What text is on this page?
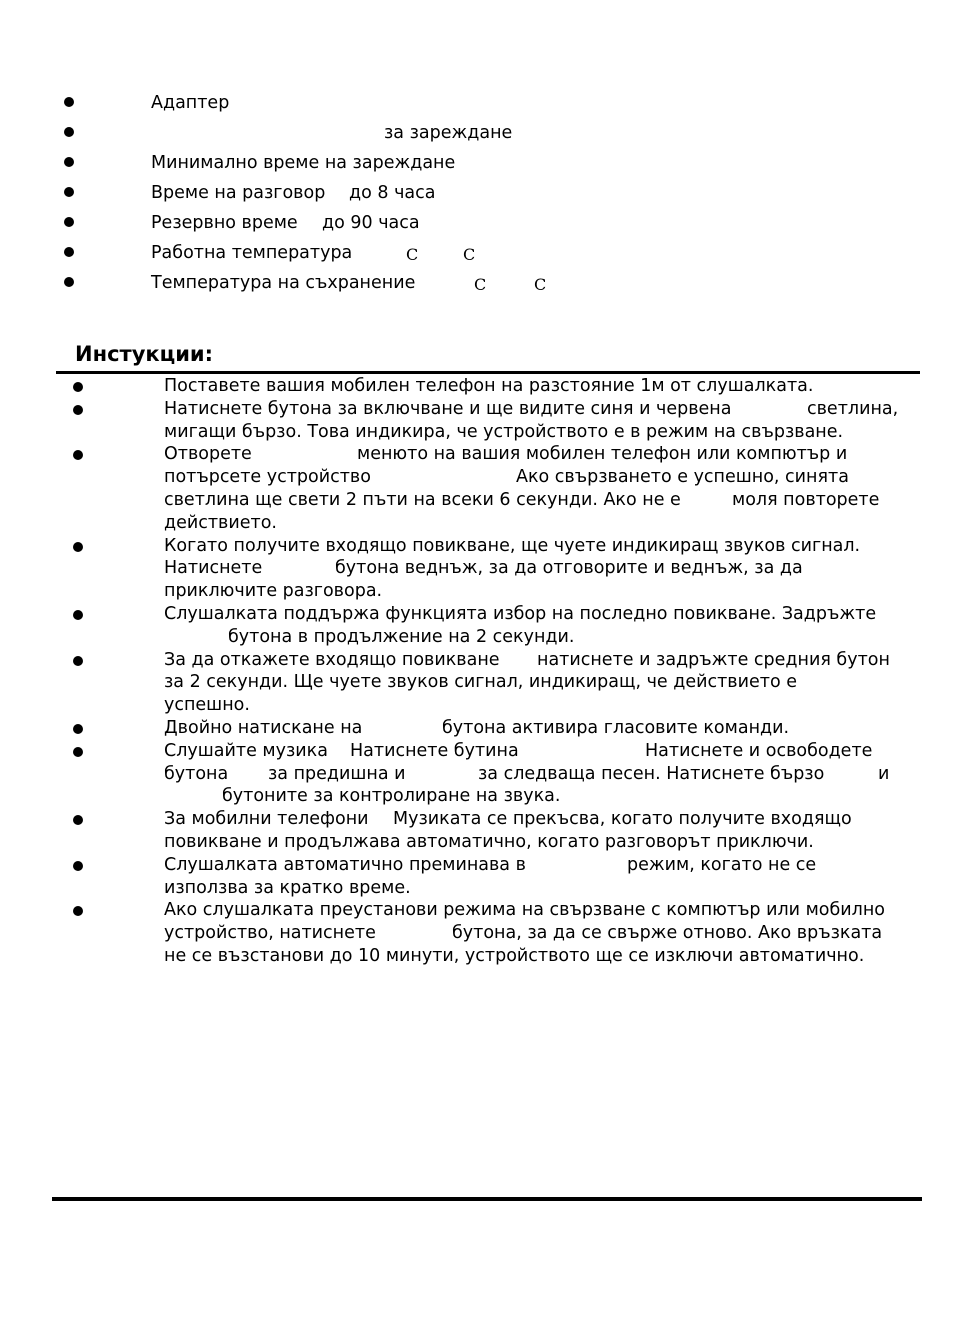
Адаптер
за зареждане
Минимално време на зареждане
Време на разговор до 8 часа
Резервно време до 90 часа
Работна температура	C	C
Температура на съхранение	C	C
Инстукции:
Поставете вашия мобилен телефон на разстояние 1м от слушалката.

Натиснете бутона за включване и ще видите синя и червена

	светлина,

мигащи бързо. Това индикира, че устройството е в режим на свързване.

Отворете

	менюто на вашия мобилен телефон или компютър и

потърсете устройство

	Ако свързването е успешно, синята

светлина ще свети 2 пъти на всеки 6 секунди. Ако не е

	моля повторете

действието.
Когато получите входящо повикване, ще чуете индикиращ звуков сигнал.

Натиснете

	бутона веднъж, за да отговорите и веднъж, за да

приключите разговора.
Слушалката поддържа функцията избор на последно повикване. Задръжте
бутона в продължение на 2 секунди.

За да откажете входящо повикване

натиснете и задръжте средния бутон

за 2 секунди. Ще чуете звуков сигнал, индикиращ, че действието е
успешно.

Двойно натискане на

	бутона активира гласовите команди.

Слушайте музика

Натиснете бутина

	Натиснете и освободете

бутона

за предишна и

	за следваща песен. Натиснете бързо

	и

бутоните за контролиране на звука.

За мобилни телефони

Музиката се прекъсва, когато получите входящо

повикване и продължава автоматично, когато разговорът приключи.

Слушалката автоматично преминава в

	режим, когато не се

използва за кратко време.
Ако слушалката преустанови режима на свързване с компютър или мобилно

устройство, натиснете

	бутона, за да се свърже отново. Ако връзката

не се възстанови до 10 минути, устройството ще се изключи автоматично.
